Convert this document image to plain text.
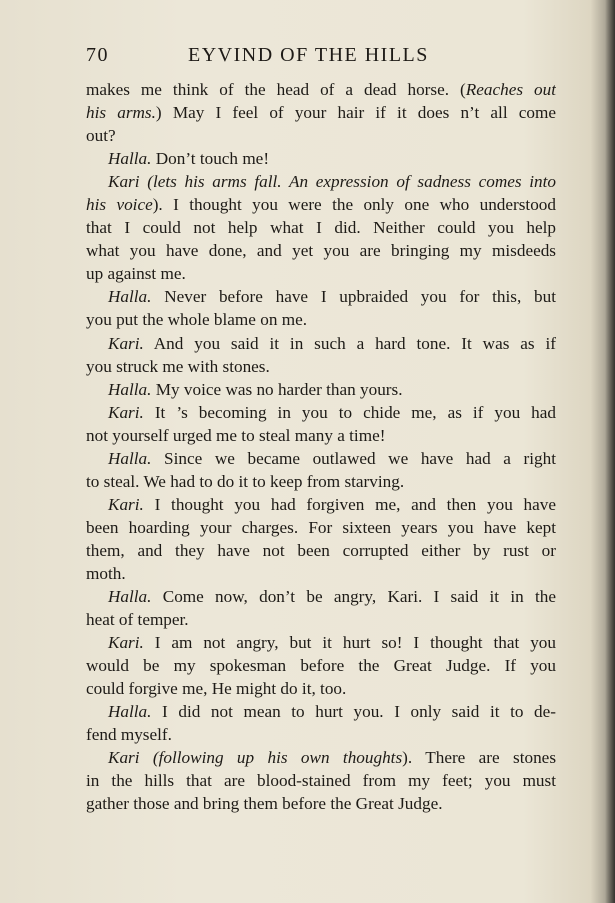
70	EYVIND OF THE HILLS
makes me think of the head of a dead horse. (Reaches out
his arms.) May I feel of your hair if it does n’t all come
out?
Halla. Don’t touch me!
Kari (lets his arms fall. An expression of sadness comes into
his voice). I thought you were the only one who understood
that I could not help what I did. Neither could you help
what you have done, and yet you are bringing my misdeeds
up against me.
Halla. Never before have I upbraided you for this, but
you put the whole blame on me.
Kari. And you said it in such a hard tone. It was as if
you struck me with stones.
Halla. My voice was no harder than yours.
Kari. It ’s becoming in you to chide me, as if you had
not yourself urged me to steal many a time!
Halla. Since we became outlawed we have had a right
to steal. We had to do it to keep from starving.
Kari. I thought you had forgiven me, and then you have
been hoarding your charges. For sixteen years you have kept
them, and they have not been corrupted either by rust or
moth.
Halla. Come now, don’t be angry, Kari. I said it in the
heat of temper.
Kari. I am not angry, but it hurt so! I thought that you
would be my spokesman before the Great Judge. If you
could forgive me, He might do it, too.
Halla. I did not mean to hurt you. I only said it to de-
fend myself.
Kari (following up his own thoughts). There are stones
in the hills that are blood-stained from my feet; you must
gather those and bring them before the Great Judge.
